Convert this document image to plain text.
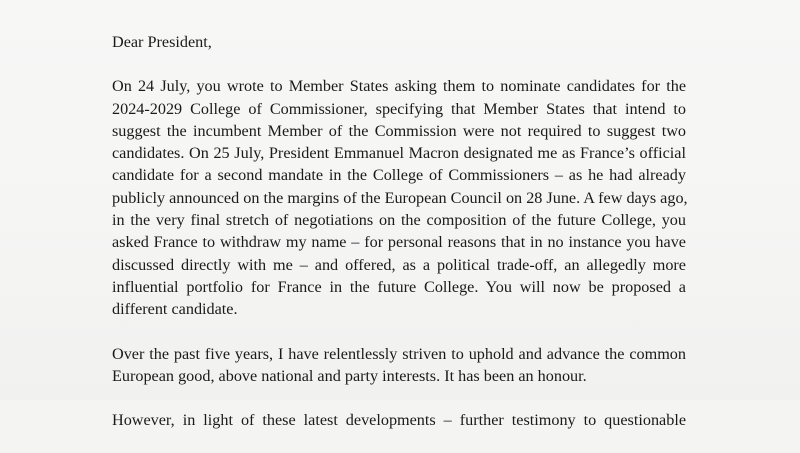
Dear President,
On 24 July, you wrote to Member States asking them to nominate candidates for the
2024-2029 College of Commissioner, specifying that Member States that intend to
suggest the incumbent Member of the Commission were not required to suggest two
candidates. On 25 July, President Emmanuel Macron designated me as France’s official
candidate for a second mandate in the College of Commissioners – as he had already
publicly announced on the margins of the European Council on 28 June. A few days ago,
in the very final stretch of negotiations on the composition of the future College, you
asked France to withdraw my name – for personal reasons that in no instance you have
discussed directly with me – and offered, as a political trade-off, an allegedly more
influential portfolio for France in the future College. You will now be proposed a
different candidate.
Over the past five years, I have relentlessly striven to uphold and advance the common
European good, above national and party interests. It has been an honour.
However, in light of these latest developments – further testimony to questionable
